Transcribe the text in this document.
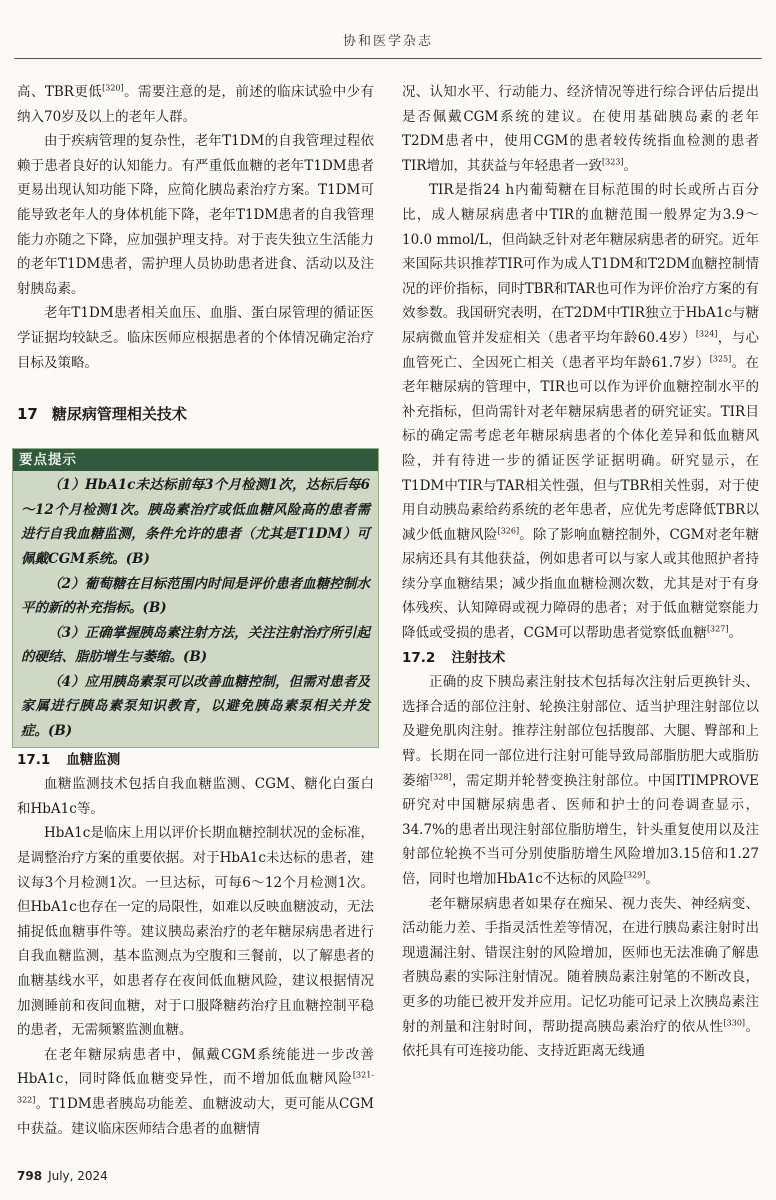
协和医学杂志

高、TBR更低[320]。需要注意的是，前述的临床试验中少有纳入70岁及以上的老年人群。

由于疾病管理的复杂性，老年T1DM的自我管理过程依赖于患者良好的认知能力。有严重低血糖的老年T1DM患者更易出现认知功能下降，应简化胰岛素治疗方案。T1DM可能导致老年人的身体机能下降，老年T1DM患者的自我管理能力亦随之下降，应加强护理支持。对于丧失独立生活能力的老年T1DM患者，需护理人员协助患者进食、活动以及注射胰岛素。

老年T1DM患者相关血压、血脂、蛋白尿管理的循证医学证据均较缺乏。临床医师应根据患者的个体情况确定治疗目标及策略。

17 糖尿病管理相关技术
要点提示

（1）HbA1c未达标前每3个月检测1次，达标后每6～12个月检测1次。胰岛素治疗或低血糖风险高的患者需进行自我血糖监测，条件允许的患者（尤其是T1DM）可佩戴CGM系统。(B)

（2）葡萄糖在目标范围内时间是评价患者血糖控制水平的新的补充指标。(B)

（3）正确掌握胰岛素注射方法，关注注射治疗所引起的硬结、脂肪增生与萎缩。(B)

（4）应用胰岛素泵可以改善血糖控制，但需对患者及家属进行胰岛素泵知识教育，以避免胰岛素泵相关并发症。(B)

17.1 血糖监测

血糖监测技术包括自我血糖监测、CGM、糖化白蛋白和HbA1c等。

HbA1c是临床上用以评价长期血糖控制状况的金标准，是调整治疗方案的重要依据。对于HbA1c未达标的患者，建议每3个月检测1次。一旦达标，可每6～12个月检测1次。但HbA1c也存在一定的局限性，如难以反映血糖波动，无法捕捉低血糖事件等。建议胰岛素治疗的老年糖尿病患者进行自我血糖监测，基本监测点为空腹和三餐前，以了解患者的血糖基线水平，如患者存在夜间低血糖风险，建议根据情况加测睡前和夜间血糖，对于口服降糖药治疗且血糖控制平稳的患者，无需频繁监测血糖。

在老年糖尿病患者中，佩戴CGM系统能进一步改善HbA1c，同时降低血糖变异性，而不增加低血糖风险[321-322]。T1DM患者胰岛功能差、血糖波动大，更可能从CGM中获益。建议临床医师结合患者的血糖情

况、认知水平、行动能力、经济情况等进行综合评估后提出是否佩戴CGM系统的建议。在使用基础胰岛素的老年T2DM患者中，使用CGM的患者较传统指血检测的患者TIR增加，其获益与年轻患者一致[323]。

TIR是指24 h内葡萄糖在目标范围的时长或所占百分比，成人糖尿病患者中TIR的血糖范围一般界定为3.9～10.0 mmol/L，但尚缺乏针对老年糖尿病患者的研究。近年来国际共识推荐TIR可作为成人T1DM和T2DM血糖控制情况的评价指标，同时TBR和TAR也可作为评价治疗方案的有效参数。我国研究表明，在T2DM中TIR独立于HbA1c与糖尿病微血管并发症相关（患者平均年龄60.4岁）[324]，与心血管死亡、全因死亡相关（患者平均年龄61.7岁）[325]。在老年糖尿病的管理中，TIR也可以作为评价血糖控制水平的补充指标，但尚需针对老年糖尿病患者的研究证实。TIR目标的确定需考虑老年糖尿病患者的个体化差异和低血糖风险，并有待进一步的循证医学证据明确。研究显示，在T1DM中TIR与TAR相关性强，但与TBR相关性弱，对于使用自动胰岛素给药系统的老年患者，应优先考虑降低TBR以减少低血糖风险[326]。除了影响血糖控制外，CGM对老年糖尿病还具有其他获益，例如患者可以与家人或其他照护者持续分享血糖结果；减少指血血糖检测次数，尤其是对于有身体残疾、认知障碍或视力障碍的患者；对于低血糖觉察能力降低或受损的患者，CGM可以帮助患者觉察低血糖[327]。

17.2 注射技术

正确的皮下胰岛素注射技术包括每次注射后更换针头、选择合适的部位注射、轮换注射部位、适当护理注射部位以及避免肌肉注射。推荐注射部位包括腹部、大腿、臀部和上臂。长期在同一部位进行注射可能导致局部脂肪肥大或脂肪萎缩[328]，需定期并轮替变换注射部位。中国ITIMPROVE研究对中国糖尿病患者、医师和护士的问卷调查显示，34.7%的患者出现注射部位脂肪增生，针头重复使用以及注射部位轮换不当可分别使脂肪增生风险增加3.15倍和1.27倍，同时也增加HbA1c不达标的风险[329]。

老年糖尿病患者如果存在痴呆、视力丧失、神经病变、活动能力差、手指灵活性差等情况，在进行胰岛素注射时出现遗漏注射、错误注射的风险增加，医师也无法准确了解患者胰岛素的实际注射情况。随着胰岛素注射笔的不断改良，更多的功能已被开发并应用。记忆功能可记录上次胰岛素注射的剂量和注射时间，帮助提高胰岛素治疗的依从性[330]。依托具有可连接功能、支持近距离无线通

798 July, 2024
